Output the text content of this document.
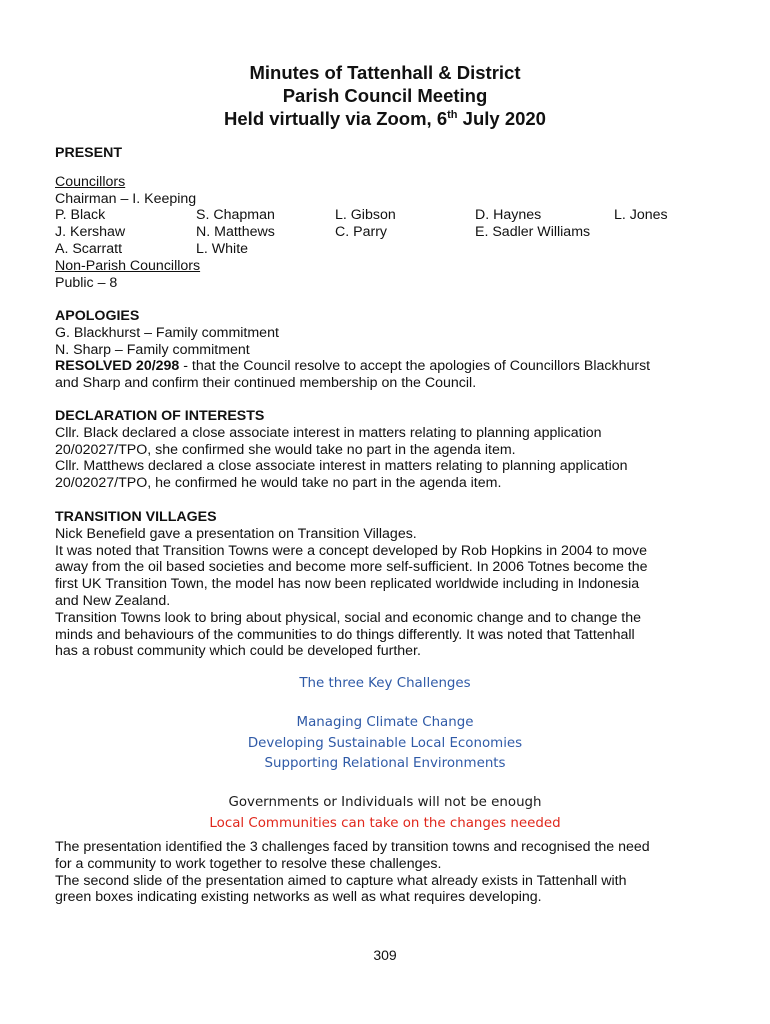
Minutes of Tattenhall & District
Parish Council Meeting
Held virtually via Zoom, 6th July 2020

PRESENT

Councillors

Chairman – I. Keeping

P. Black	S. Chapman	L. Gibson	D. Haynes	L. Jones
J. Kershaw	N. Matthews	C. Parry	E. Sadler Williams
A. Scarratt	L. White

Non-Parish Councillors

Public – 8

APOLOGIES

G. Blackhurst – Family commitment

N. Sharp – Family commitment

RESOLVED 20/298 - that the Council resolve to accept the apologies of Councillors Blackhurst

and Sharp and confirm their continued membership on the Council.

DECLARATION OF INTERESTS

Cllr. Black declared a close associate interest in matters relating to planning application

20/02027/TPO, she confirmed she would take no part in the agenda item.

Cllr. Matthews declared a close associate interest in matters relating to planning application

20/02027/TPO, he confirmed he would take no part in the agenda item.

TRANSITION VILLAGES

Nick Benefield gave a presentation on Transition Villages.

It was noted that Transition Towns were a concept developed by Rob Hopkins in 2004 to move

away from the oil based societies and become more self-sufficient. In 2006 Totnes become the

first UK Transition Town, the model has now been replicated worldwide including in Indonesia

and New Zealand.

Transition Towns look to bring about physical, social and economic change and to change the

minds and behaviours of the communities to do things differently. It was noted that Tattenhall

has a robust community which could be developed further.

The three Key Challenges
Managing Climate Change
Developing Sustainable Local Economies
Supporting Relational Environments
Governments or Individuals will not be enough
Local Communities can take on the changes needed

The presentation identified the 3 challenges faced by transition towns and recognised the need

for a community to work together to resolve these challenges.

The second slide of the presentation aimed to capture what already exists in Tattenhall with

green boxes indicating existing networks as well as what requires developing.

309
